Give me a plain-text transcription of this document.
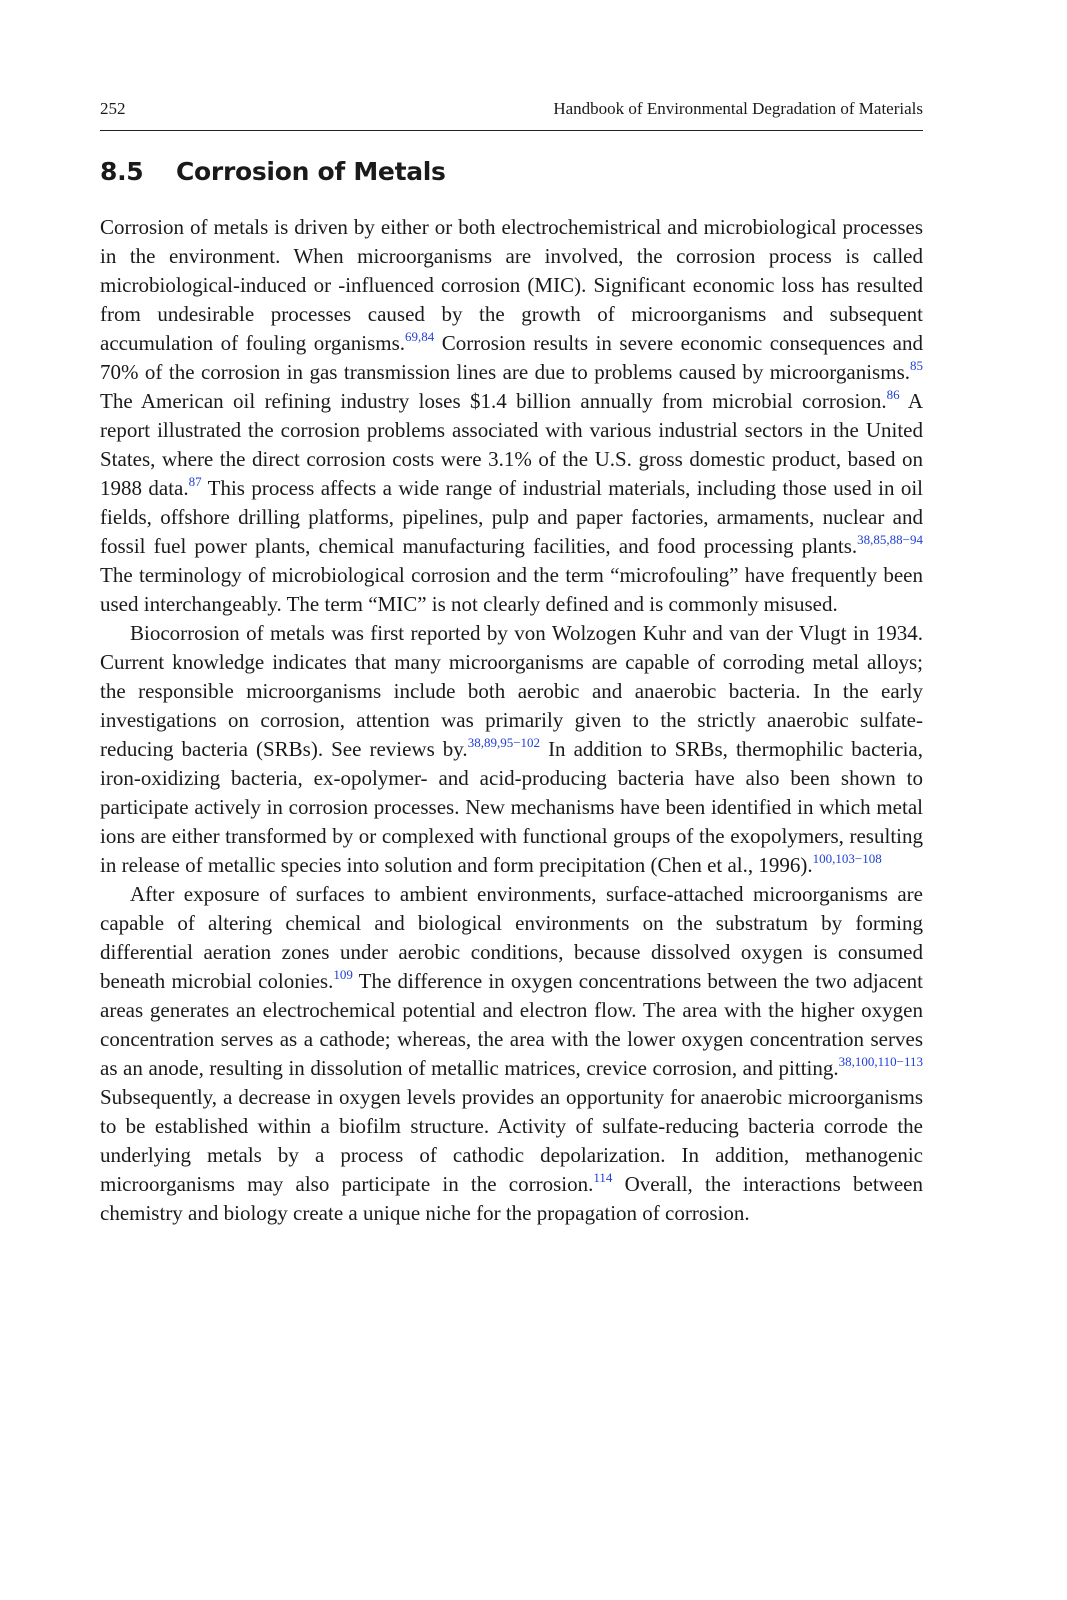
252	Handbook of Environmental Degradation of Materials
8.5 Corrosion of Metals

Corrosion of metals is driven by either or both electrochemistrical and microbiological processes in the environment. When microorganisms are involved, the corrosion process is called microbiological-induced or -influenced corrosion (MIC). Significant economic loss has resulted from undesirable processes caused by the growth of microorganisms and subsequent accumulation of fouling organisms.$^{69,84}$ Corrosion results in severe economic consequences and 70% of the corrosion in gas transmission lines are due to problems caused by microorganisms.$^{85}$ The American oil refining industry loses $1.4 billion annually from microbial corrosion.$^{86}$ A report illustrated the corrosion problems associated with various industrial sectors in the United States, where the direct corrosion costs were 3.1% of the U.S. gross domestic product, based on 1988 data.$^{87}$ This process affects a wide range of industrial materials, including those used in oil fields, offshore drilling platforms, pipelines, pulp and paper factories, armaments, nuclear and fossil fuel power plants, chemical manufacturing facilities, and food processing plants.$^{38,85,88-94}$ The terminology of microbiological corrosion and the term “microfouling” have frequently been used interchangeably. The term “MIC” is not clearly defined and is commonly misused.

Biocorrosion of metals was first reported by von Wolzogen Kuhr and van der Vlugt in 1934. Current knowledge indicates that many microorganisms are capable of corroding metal alloys; the responsible microorganisms include both aerobic and anaerobic bacteria. In the early investigations on corrosion, attention was primarily given to the strictly anaerobic sulfate-reducing bacteria (SRBs). See reviews by.$^{38,89,95-102}$ In addition to SRBs, thermophilic bacteria, iron-oxidizing bacteria, ex-opolymer- and acid-producing bacteria have also been shown to participate actively in corrosion processes. New mechanisms have been identified in which metal ions are either transformed by or complexed with functional groups of the exopolymers, resulting in release of metallic species into solution and form precipitation (Chen et al., 1996).$^{100,103-108}$

After exposure of surfaces to ambient environments, surface-attached microorganisms are capable of altering chemical and biological environments on the substratum by forming differential aeration zones under aerobic conditions, because dissolved oxygen is consumed beneath microbial colonies.$^{109}$ The difference in oxygen concentrations between the two adjacent areas generates an electrochemical potential and electron flow. The area with the higher oxygen concentration serves as a cathode; whereas, the area with the lower oxygen concentration serves as an anode, resulting in dissolution of metallic matrices, crevice corrosion, and pitting.$^{38,100,110-113}$ Subsequently, a decrease in oxygen levels provides an opportunity for anaerobic microorganisms to be established within a biofilm structure. Activity of sulfate-reducing bacteria corrode the underlying metals by a process of cathodic depolarization. In addition, methanogenic microorganisms may also participate in the corrosion.$^{114}$ Overall, the interactions between chemistry and biology create a unique niche for the propagation of corrosion.
